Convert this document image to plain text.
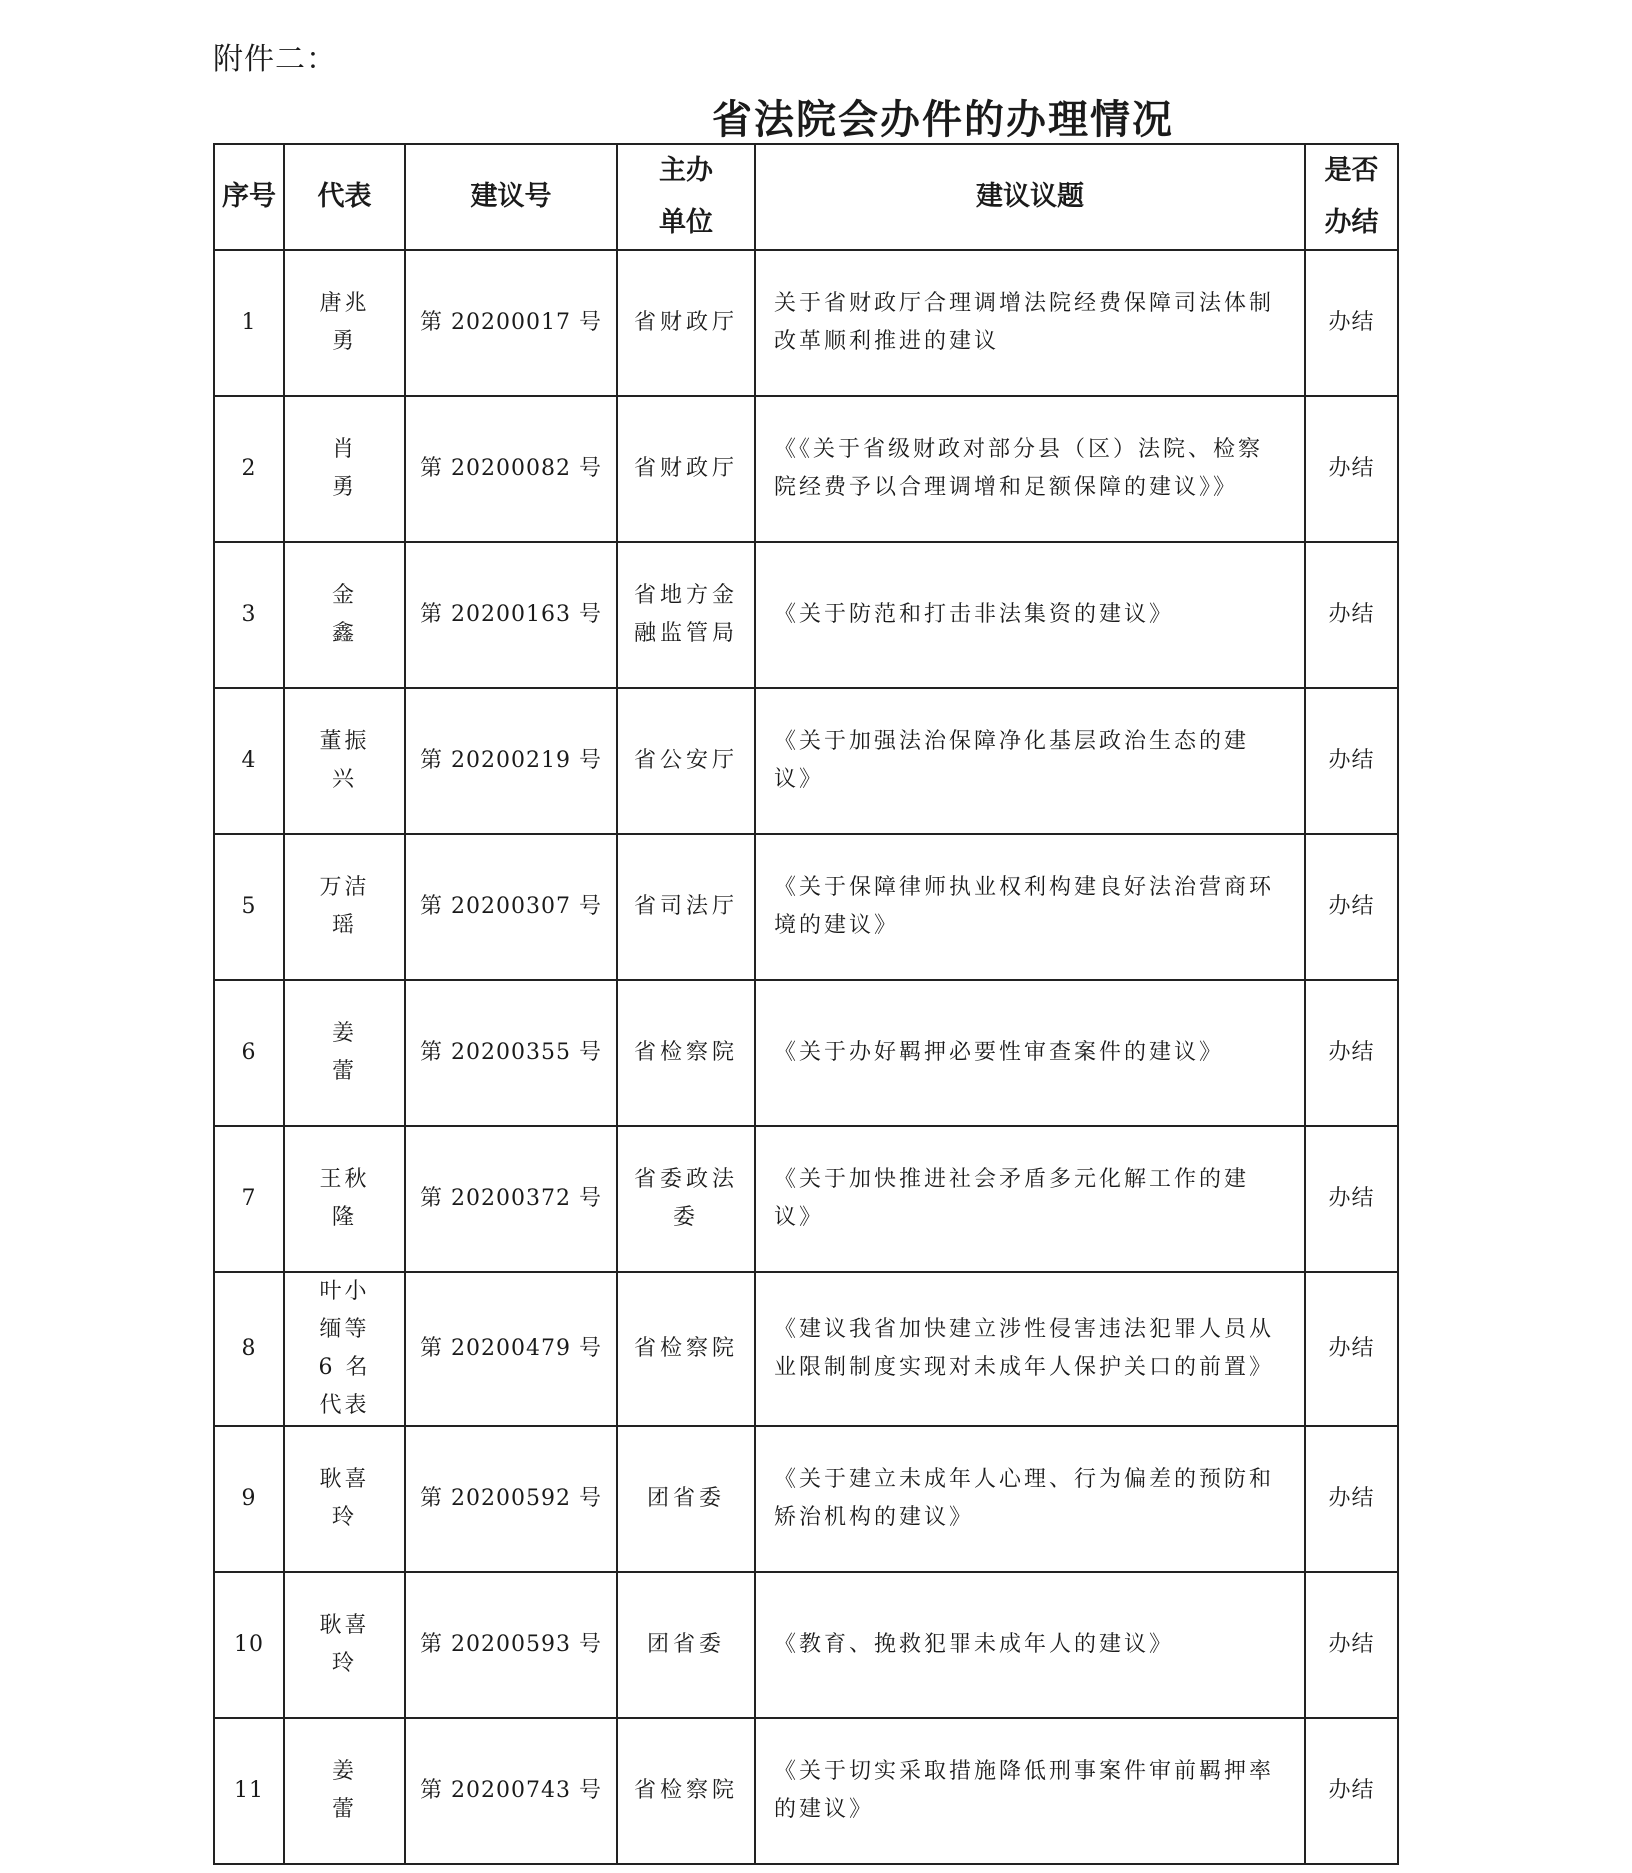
附件二：
省法院会办件的办理情况
序号	代表	建议号	主办单位	建议议题	是否办结
1	唐兆勇	第 20200017 号	省财政厅	关于省财政厅合理调增法院经费保障司法体制改革顺利推进的建议	办结
2	肖　勇	第 20200082 号	省财政厅	《《关于省级财政对部分县（区）法院、检察院经费予以合理调增和足额保障的建议》》	办结
3	金　鑫	第 20200163 号	省地方金融监管局	《关于防范和打击非法集资的建议》	办结
4	董振兴	第 20200219 号	省公安厅	《关于加强法治保障净化基层政治生态的建议》	办结
5	万洁瑶	第 20200307 号	省司法厅	《关于保障律师执业权利构建良好法治营商环境的建议》	办结
6	姜　蕾	第 20200355 号	省检察院	《关于办好羁押必要性审查案件的建议》	办结
7	王秋隆	第 20200372 号	省委政法委	《关于加快推进社会矛盾多元化解工作的建议》	办结
8	叶小缅等 6 名代表	第 20200479 号	省检察院	《建议我省加快建立涉性侵害违法犯罪人员从业限制制度实现对未成年人保护关口的前置》	办结
9	耿喜玲	第 20200592 号	团省委	《关于建立未成年人心理、行为偏差的预防和矫治机构的建议》	办结
10	耿喜玲	第 20200593 号	团省委	《教育、挽救犯罪未成年人的建议》	办结
11	姜　蕾	第 20200743 号	省检察院	《关于切实采取措施降低刑事案件审前羁押率的建议》	办结
